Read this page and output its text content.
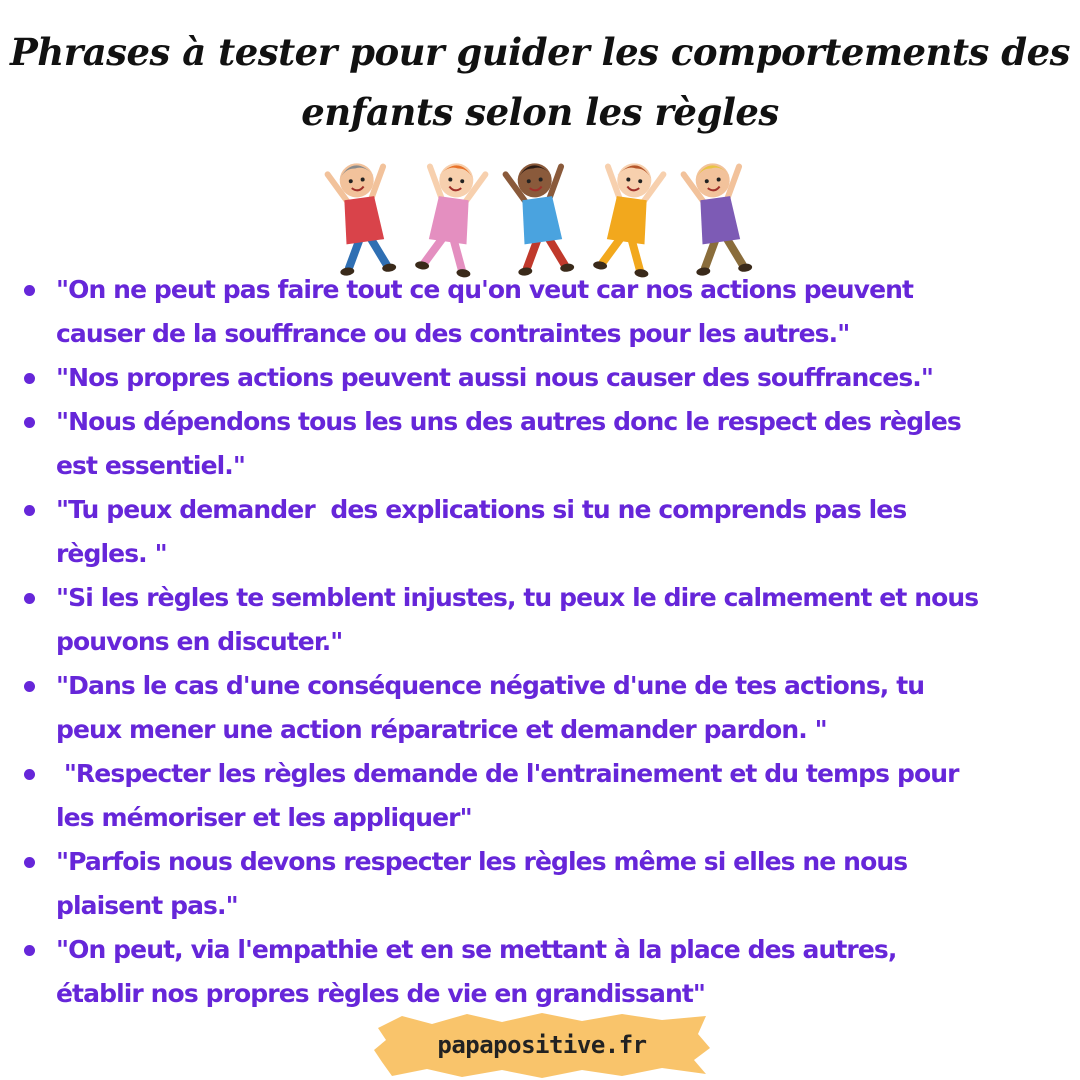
Phrases à tester pour guider les comportements des
enfants selon les règles
"On ne peut pas faire tout ce qu'on veut car nos actions peuvent
causer de la souffrance ou des contraintes pour les autres."
"Nos propres actions peuvent aussi nous causer des souffrances."
"Nous dépendons tous les uns des autres donc le respect des règles
est essentiel."
"Tu peux demander  des explications si tu ne comprends pas les
règles. "
"Si les règles te semblent injustes, tu peux le dire calmement et nous
pouvons en discuter."
"Dans le cas d'une conséquence négative d'une de tes actions, tu
peux mener une action réparatrice et demander pardon. "
"Respecter les règles demande de l'entrainement et du temps pour
les mémoriser et les appliquer"
"Parfois nous devons respecter les règles même si elles ne nous
plaisent pas."
"On peut, via l'empathie et en se mettant à la place des autres,
établir nos propres règles de vie en grandissant"
papapositive.fr
